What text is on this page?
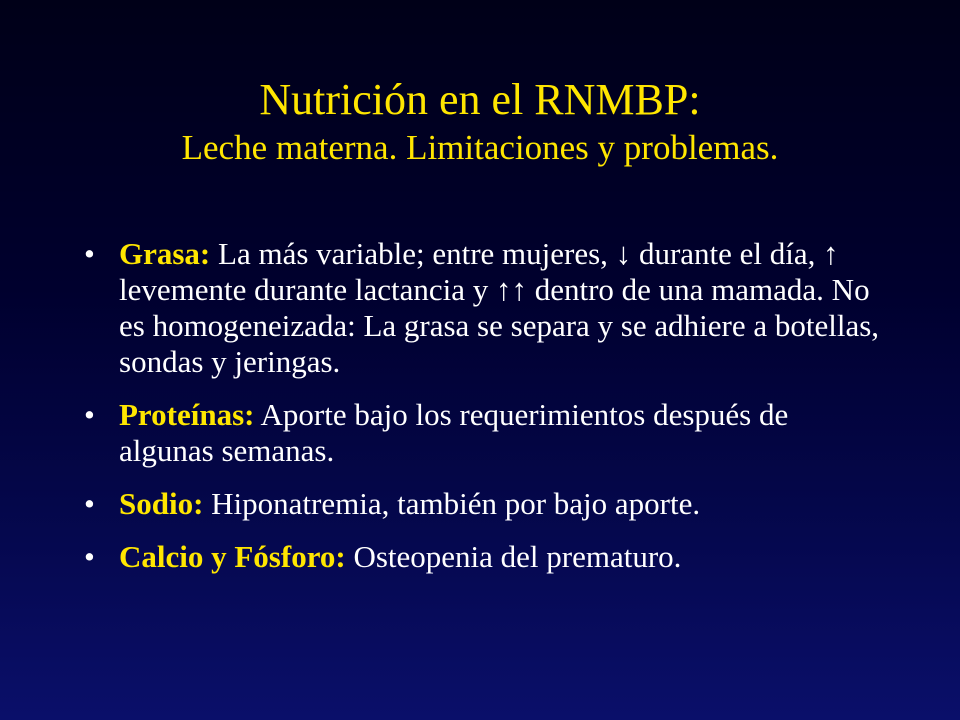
Nutrición en el RNMBP:
Leche materna. Limitaciones y problemas.
• Grasa: La más variable; entre mujeres, ↓ durante el día, ↑ levemente durante lactancia y ↑↑ dentro de una mamada. No es homogeneizada: La grasa se separa y se adhiere a botellas, sondas y jeringas.
• Proteínas: Aporte bajo los requerimientos después de algunas semanas.
• Sodio: Hiponatremia, también por bajo aporte.
• Calcio y Fósforo: Osteopenia del prematuro.
